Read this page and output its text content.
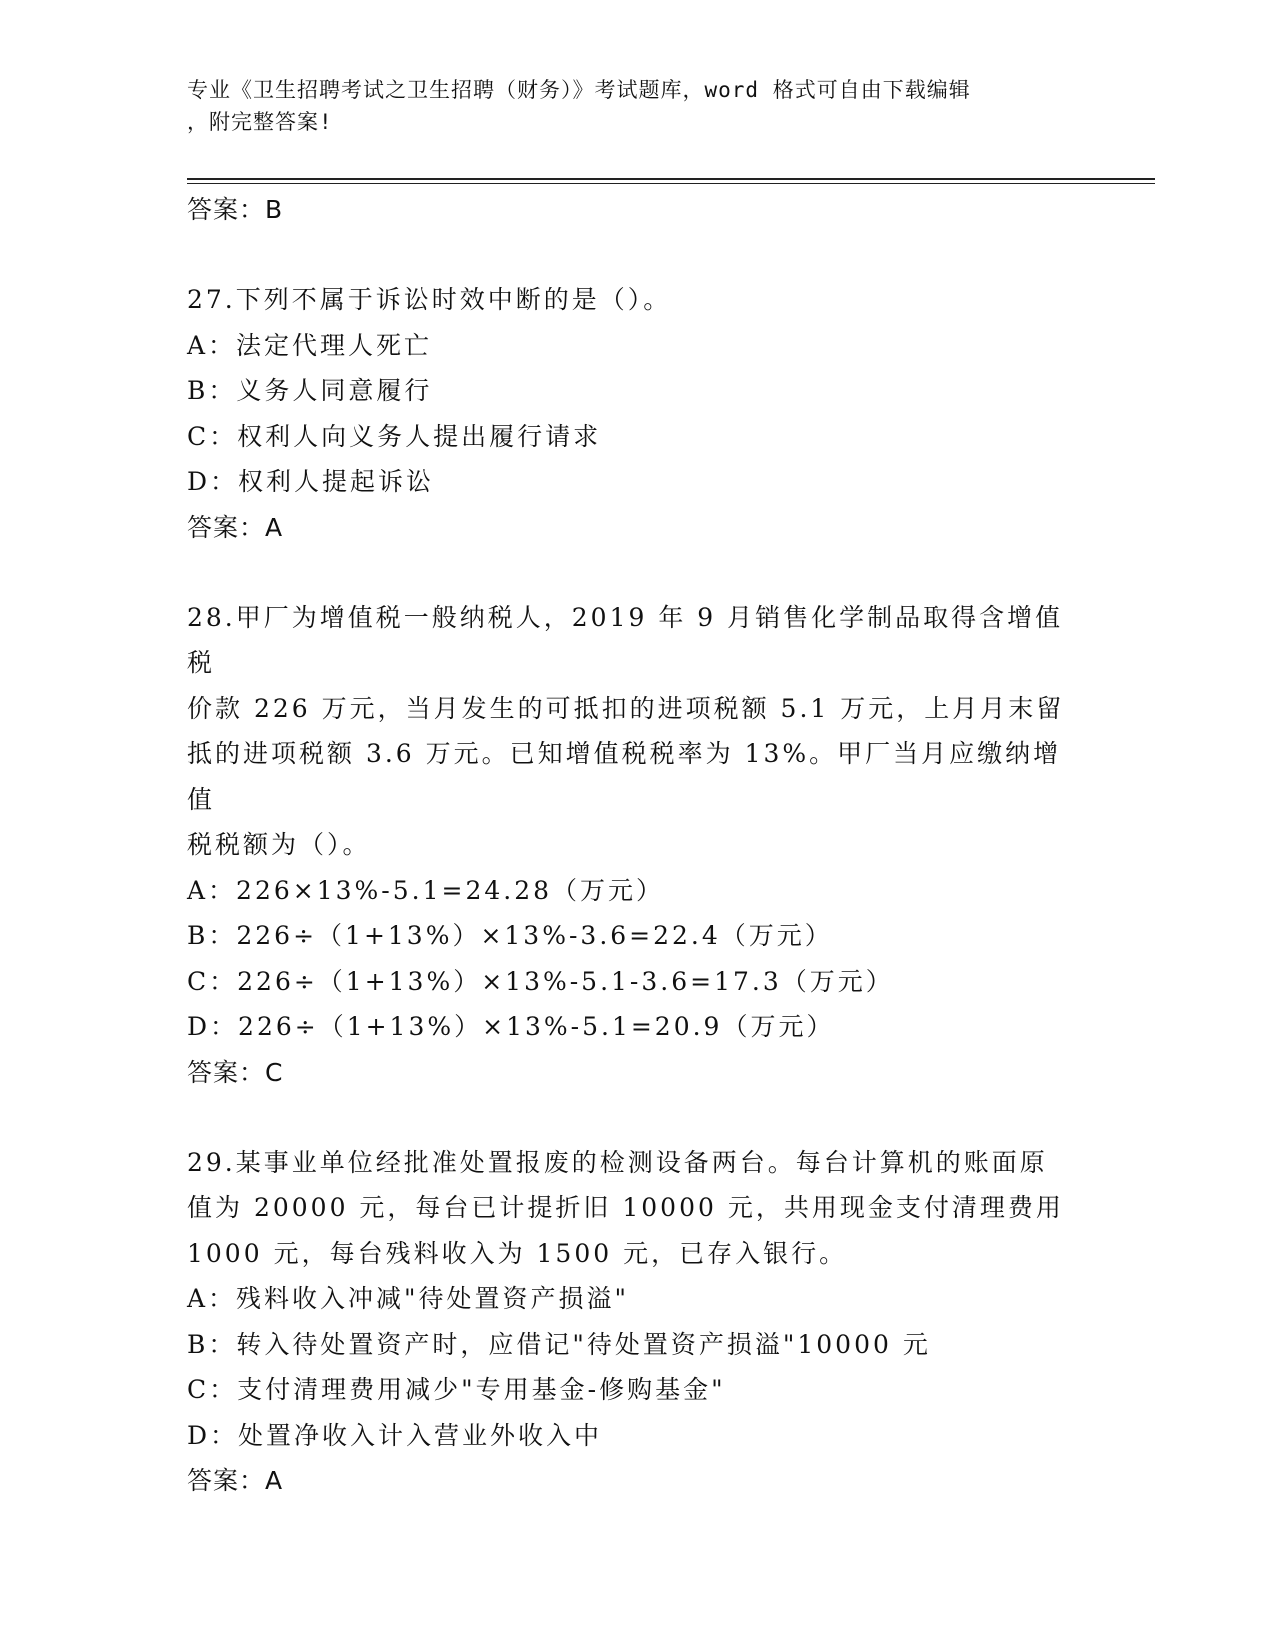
专业《卫生招聘考试之卫生招聘（财务）》考试题库，word 格式可自由下载编辑
，附完整答案!

答案：B

27.下列不属于诉讼时效中断的是（）。

A：法定代理人死亡

B：义务人同意履行

C：权利人向义务人提出履行请求

D：权利人提起诉讼

答案：A

28.甲厂为增值税一般纳税人，2019 年 9 月销售化学制品取得含增值税

价款 226 万元，当月发生的可抵扣的进项税额 5.1 万元，上月月末留

抵的进项税额 3.6 万元。已知增值税税率为 13%。甲厂当月应缴纳增值

税税额为（）。

A：226×13%-5.1=24.28（万元）

B：226÷（1+13%）×13%-3.6=22.4（万元）

C：226÷（1+13%）×13%-5.1-3.6=17.3（万元）

D：226÷（1+13%）×13%-5.1=20.9（万元）

答案：C

29.某事业单位经批准处置报废的检测设备两台。每台计算机的账面原

值为 20000 元，每台已计提折旧 10000 元，共用现金支付清理费用

1000 元，每台残料收入为 1500 元，已存入银行。

A：残料收入冲减"待处置资产损溢"

B：转入待处置资产时，应借记"待处置资产损溢"10000 元

C：支付清理费用减少"专用基金-修购基金"

D：处置净收入计入营业外收入中

答案：A
